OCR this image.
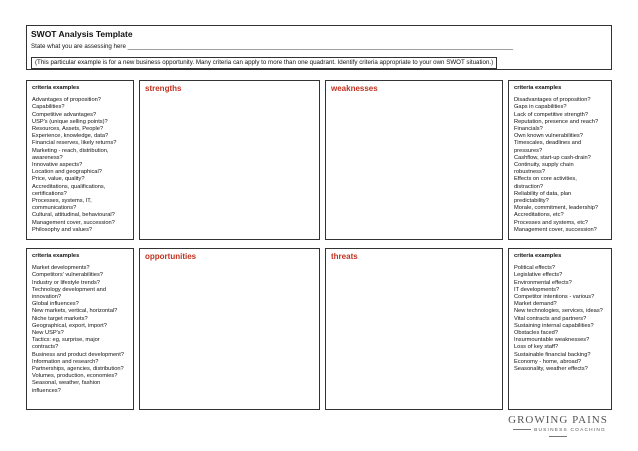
SWOT Analysis Template
State what you are assessing here ________________________________________________________________________________________________________________
(This particular example is for a new business opportunity. Many criteria can apply to more than one quadrant. Identify criteria appropriate to your own SWOT situation.)
criteria examples
Advantages of proposition?
Capabilities?
Competitive advantages?
USP's (unique selling points)?
Resources, Assets, People?
Experience, knowledge, data?
Financial reserves, likely returns?
Marketing - reach, distribution,
awareness?
Innovative aspects?
Location and geographical?
Price, value, quality?
Accreditations, qualifications,
certifications?
Processes, systems, IT,
communications?
Cultural, attitudinal, behavioural?
Management cover, succession?
Philosophy and values?
strengths	weaknesses	criteria examples
Disadvantages of proposition?
Gaps in capabilities?
Lack of competitive strength?
Reputation, presence and reach?
Financials?
Own known vulnerabilities?
Timescales, deadlines and
pressures?
Cashflow, start-up cash-drain?
Continuity, supply chain
robustness?
Effects on core activities,
distraction?
Reliability of data, plan
predictability?
Morale, commitment, leadership?
Accreditations, etc?
Processes and systems, etc?
Management cover, succession?
criteria examples
Market developments?
Competitors' vulnerabilities?
Industry or lifestyle trends?
Technology development and
innovation?
Global influences?
New markets, vertical, horizontal?
Niche target markets?
Geographical, export, import?
New USP's?
Tactics: eg, surprise, major
contracts?
Business and product development?
Information and research?
Partnerships, agencies, distribution?
Volumes, production, economies?
Seasonal, weather, fashion
influences?
opportunities	threats	criteria examples
Political effects?
Legislative effects?
Environmental effects?
IT developments?
Competitor intentions - various?
Market demand?
New technologies, services, ideas?
Vital contracts and partners?
Sustaining internal capabilities?
Obstacles faced?
Insurmountable weaknesses?
Loss of key staff?
Sustainable financial backing?
Economy - home, abroad?
Seasonality, weather effects?
GROWING PAINS
BUSINESS COACHING
